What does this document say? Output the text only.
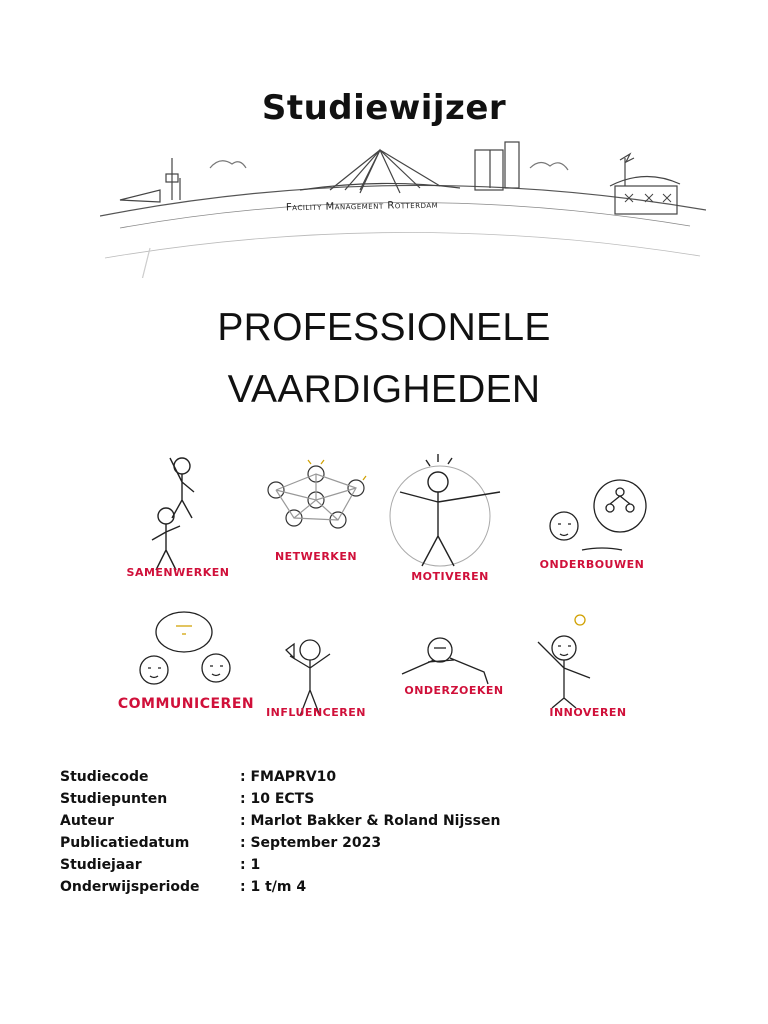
Studiewijzer
Facility Management Rotterdam
PROFESSIONELE
VAARDIGHEDEN
SAMENWERKEN
NETWERKEN
MOTIVEREN
ONDERBOUWEN
COMMUNICEREN
INFLUENCEREN
ONDERZOEKEN
INNOVEREN
Studiecode	: FMAPRV10
Studiepunten	: 10 ECTS
Auteur	: Marlot Bakker & Roland Nijssen
Publicatiedatum	: September 2023
Studiejaar	: 1
Onderwijsperiode	: 1 t/m 4
